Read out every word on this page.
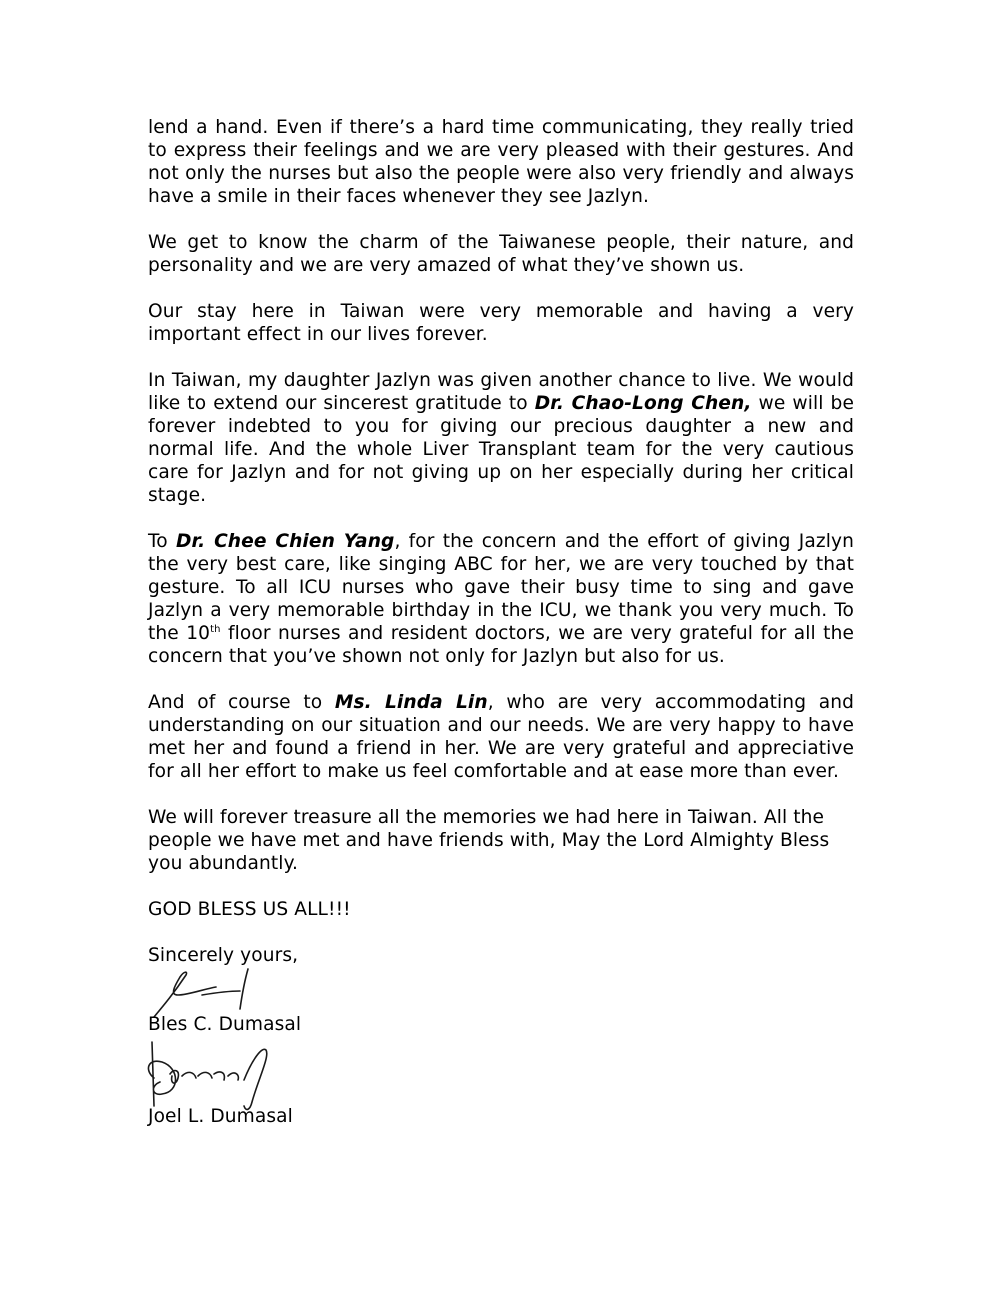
lend a hand. Even if there’s a hard time communicating, they really tried to express their feelings and we are very pleased with their gestures. And not only the nurses but also the people were also very friendly and always have a smile in their faces whenever they see Jazlyn.

We get to know the charm of the Taiwanese people, their nature, and personality and we are very amazed of what they’ve shown us.

Our stay here in Taiwan were very memorable and having a very important effect in our lives forever.

In Taiwan, my daughter Jazlyn was given another chance to live. We would like to extend our sincerest gratitude to Dr. Chao-Long Chen, we will be forever indebted to you for giving our precious daughter a new and normal life. And the whole Liver Transplant team for the very cautious care for Jazlyn and for not giving up on her especially during her critical stage.

To Dr. Chee Chien Yang, for the concern and the effort of giving Jazlyn the very best care, like singing ABC for her, we are very touched by that gesture. To all ICU nurses who gave their busy time to sing and gave Jazlyn a very memorable birthday in the ICU, we thank you very much. To the 10th floor nurses and resident doctors, we are very grateful for all the concern that you’ve shown not only for Jazlyn but also for us.

And of course to Ms. Linda Lin, who are very accommodating and understanding on our situation and our needs. We are very happy to have met her and found a friend in her. We are very grateful and appreciative for all her effort to make us feel comfortable and at ease more than ever.

We will forever treasure all the memories we had here in Taiwan. All the people we have met and have friends with, May the Lord Almighty Bless you abundantly.

GOD BLESS US ALL!!!

Sincerely yours,

Bles C. Dumasal
Joel L. Dumasal
